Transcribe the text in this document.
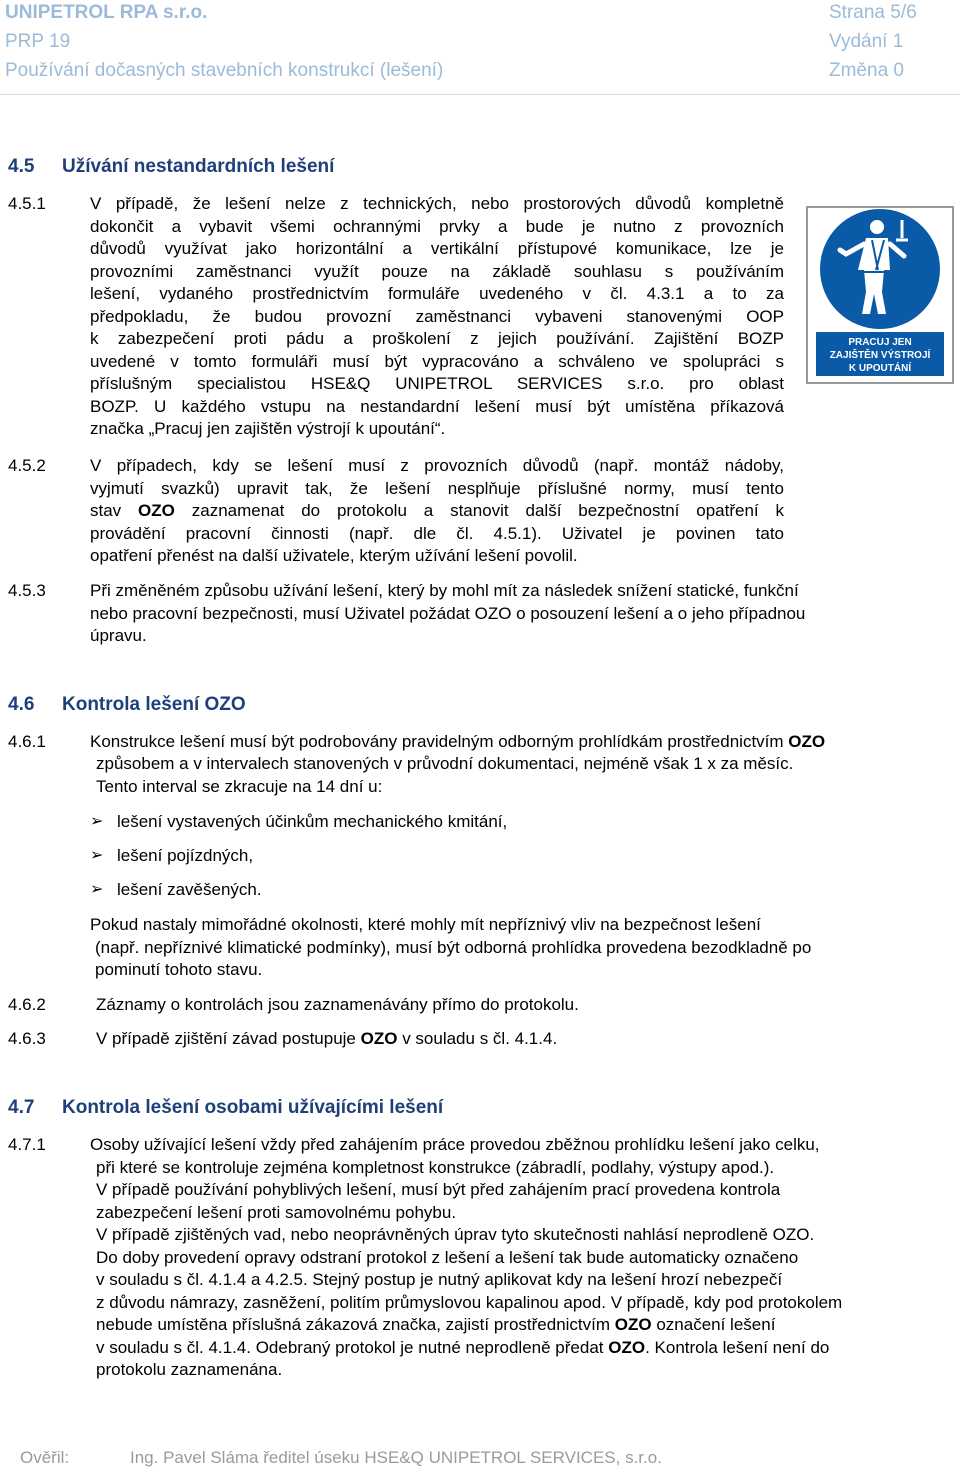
UNIPETROL RPA s.r.o.	Strana 5/6
PRP 19	Vydání 1
Používání dočasných stavebních konstrukcí (lešení)	Změna 0
4.5 Užívání nestandardních lešení
4.5.1	V případě, že lešení nelze z technických, nebo prostorových důvodů kompletně
dokončit a vybavit všemi ochrannými prvky a bude je nutno z provozních
důvodů využívat jako horizontální a vertikální přístupové komunikace, lze je
provozními zaměstnanci využít pouze na základě souhlasu s používáním
lešení, vydaného prostřednictvím formuláře uvedeného v čl. 4.3.1 a to za
předpokladu, že budou provozní zaměstnanci vybaveni stanovenými OOP
k zabezpečení proti pádu a proškolení z jejich používání. Zajištění BOZP
uvedené v tomto formuláři musí být vypracováno a schváleno ve spolupráci s
příslušným specialistou HSE&Q UNIPETROL SERVICES s.r.o. pro oblast
BOZP. U každého vstupu na nestandardní lešení musí být umístěna příkazová
značka „Pracuj jen zajištěn výstrojí k upoutání“.
PRACUJ JEN
ZAJIŠTĚN VÝSTROJÍ
K UPOUTÁNÍ
4.5.2	V případech, kdy se lešení musí z provozních důvodů (např. montáž nádoby,
vyjmutí svazků) upravit tak, že lešení nesplňuje příslušné normy, musí tento
stav OZO zaznamenat do protokolu a stanovit další bezpečnostní opatření k
provádění pracovní činnosti (např. dle čl. 4.5.1). Uživatel je povinen tato
opatření přenést na další uživatele, kterým užívání lešení povolil.
4.5.3	Při změněném způsobu užívání lešení, který by mohl mít za následek snížení statické, funkční
nebo pracovní bezpečnosti, musí Uživatel požádat OZO o posouzení lešení a o jeho případnou
úpravu.
4.6 Kontrola lešení OZO
4.6.1	Konstrukce lešení musí být podrobovány pravidelným odborným prohlídkám prostřednictvím OZO
způsobem a v intervalech stanovených v průvodní dokumentaci, nejméně však 1 x za měsíc.
Tento interval se zkracuje na 14 dní u:
➢ lešení vystavených účinkům mechanického kmitání,
➢ lešení pojízdných,
➢ lešení zavěšených.
Pokud nastaly mimořádné okolnosti, které mohly mít nepříznivý vliv na bezpečnost lešení
(např. nepříznivé klimatické podmínky), musí být odborná prohlídka provedena bezodkladně po
pominutí tohoto stavu.
4.6.2	Záznamy o kontrolách jsou zaznamenávány přímo do protokolu.
4.6.3	V případě zjištění závad postupuje OZO v souladu s čl. 4.1.4.
4.7 Kontrola lešení osobami užívajícími lešení
4.7.1	Osoby užívající lešení vždy před zahájením práce provedou zběžnou prohlídku lešení jako celku,
při které se kontroluje zejména kompletnost konstrukce (zábradlí, podlahy, výstupy apod.).
V případě používání pohyblivých lešení, musí být před zahájením prací provedena kontrola
zabezpečení lešení proti samovolnému pohybu.
V případě zjištěných vad, nebo neoprávněných úprav tyto skutečnosti nahlásí neprodleně OZO.
Do doby provedení opravy odstraní protokol z lešení a lešení tak bude automaticky označeno
v souladu s čl. 4.1.4 a 4.2.5. Stejný postup je nutný aplikovat kdy na lešení hrozí nebezpečí
z důvodu námrazy, zasněžení, politím průmyslovou kapalinou apod. V případě, kdy pod protokolem
nebude umístěna příslušná zákazová značka, zajistí prostřednictvím OZO označení lešení
v souladu s čl. 4.1.4. Odebraný protokol je nutné neprodleně předat OZO. Kontrola lešení není do
protokolu zaznamenána.
Ověřil:	Ing. Pavel Sláma ředitel úseku HSE&Q UNIPETROL SERVICES, s.r.o.
